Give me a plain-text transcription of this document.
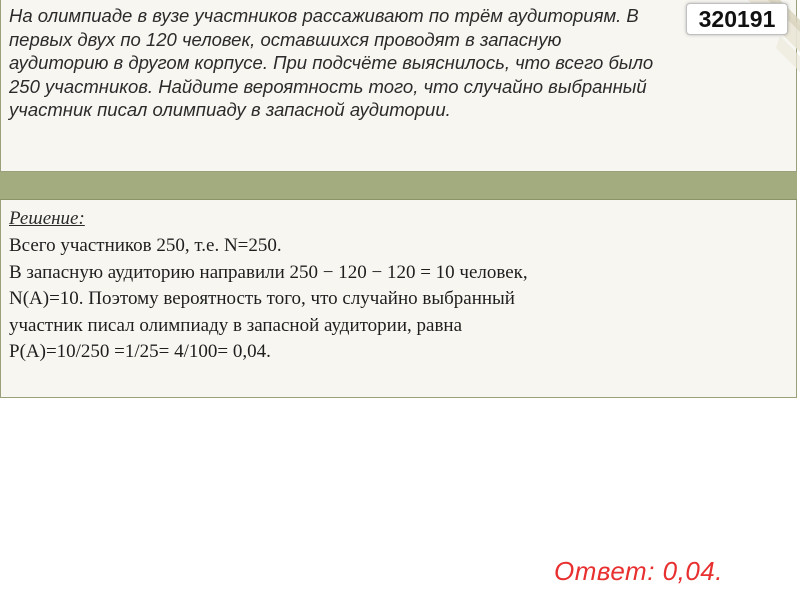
На олимпиаде в вузе участников рассаживают по трём аудиториям. В
первых двух по 120 человек, оставшихся проводят в запасную
аудиторию в другом корпусе. При подсчёте выяснилось, что всего было
250 участников. Найдите вероятность того, что случайно выбранный
участник писал олимпиаду в запасной аудитории.

320191
Решение:
Всего участников 250, т.е. N=250.
В запасную аудиторию направили 250 − 120 − 120 = 10 человек,
N(A)=10. Поэтому вероятность того, что случайно выбранный
участник писал олимпиаду в запасной аудитории, равна
P(A)=10/250 =1/25= 4/100= 0,04.
Ответ: 0,04.
